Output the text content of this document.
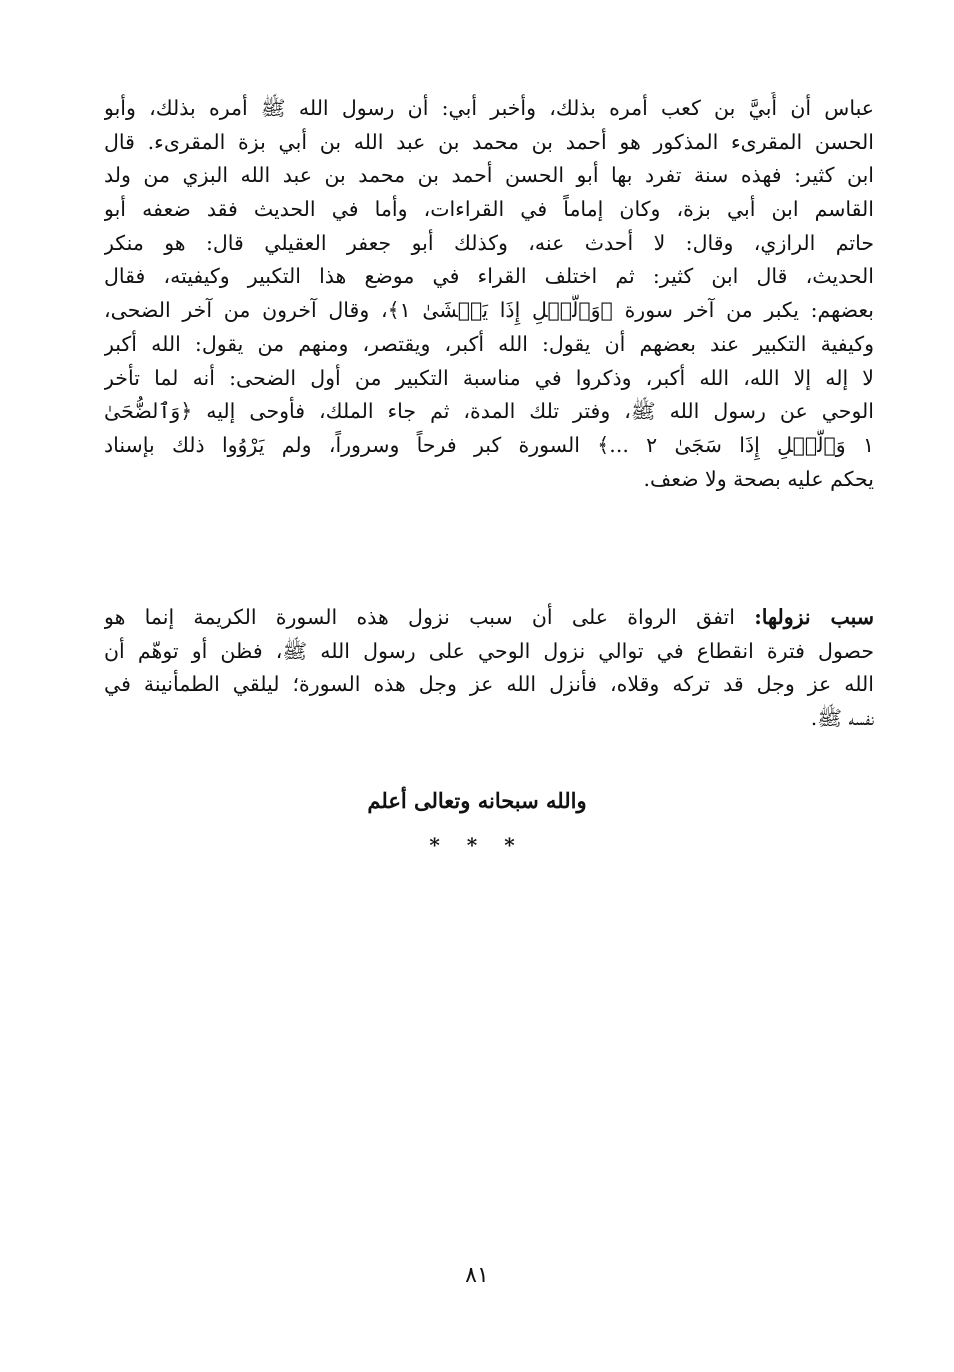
عباس أن أُبيَّ بن كعب أمره بذلك، وأخبر أبي: أن رسول الله ﷺ أمره بذلك، وأبو
الحسن المقرىء المذكور هو أحمد بن محمد بن عبد الله بن أبي بزة المقرىء. قال
ابن كثير: فهذه سنة تفرد بها أبو الحسن أحمد بن محمد بن عبد الله البزي من ولد
القاسم ابن أبي بزة، وكان إماماً في القراءات، وأما في الحديث فقد ضعفه أبو
حاتم الرازي، وقال: لا أحدث عنه، وكذلك أبو جعفر العقيلي قال: هو منكر
الحديث، قال ابن كثير: ثم اختلف القراء في موضع هذا التكبير وكيفيته، فقال
بعضهم: يكبر من آخر سورة ﴿وَٱلَّيۡلِ إِذَا يَغۡشَىٰ ١﴾، وقال آخرون من آخر الضحى،
وكيفية التكبير عند بعضهم أن يقول: الله أكبر، ويقتصر، ومنهم من يقول: الله أكبر
لا إله إلا الله، الله أكبر، وذكروا في مناسبة التكبير من أول الضحى: أنه لما تأخر
الوحي عن رسول الله ﷺ، وفتر تلك المدة، ثم جاء الملك، فأوحى إليه ﴿وَٱلضُّحَىٰ
١ وَٱلَّيۡلِ إِذَا سَجَىٰ ٢ ...﴾ السورة كبر فرحاً وسروراً، ولم يَرْوُوا ذلك بإسناد
يحكم عليه بصحة ولا ضعف.
سبب نزولها: اتفق الرواة على أن سبب نزول هذه السورة الكريمة إنما هو
حصول فترة انقطاع في توالي نزول الوحي على رسول الله ﷺ، فظن أو توهّم أن
الله عز وجل قد تركه وقلاه، فأنزل الله عز وجل هذه السورة؛ ليلقي الطمأنينة في
نفسه ﷺ.
والله سبحانه وتعالى أعلم
* * *
٨١
